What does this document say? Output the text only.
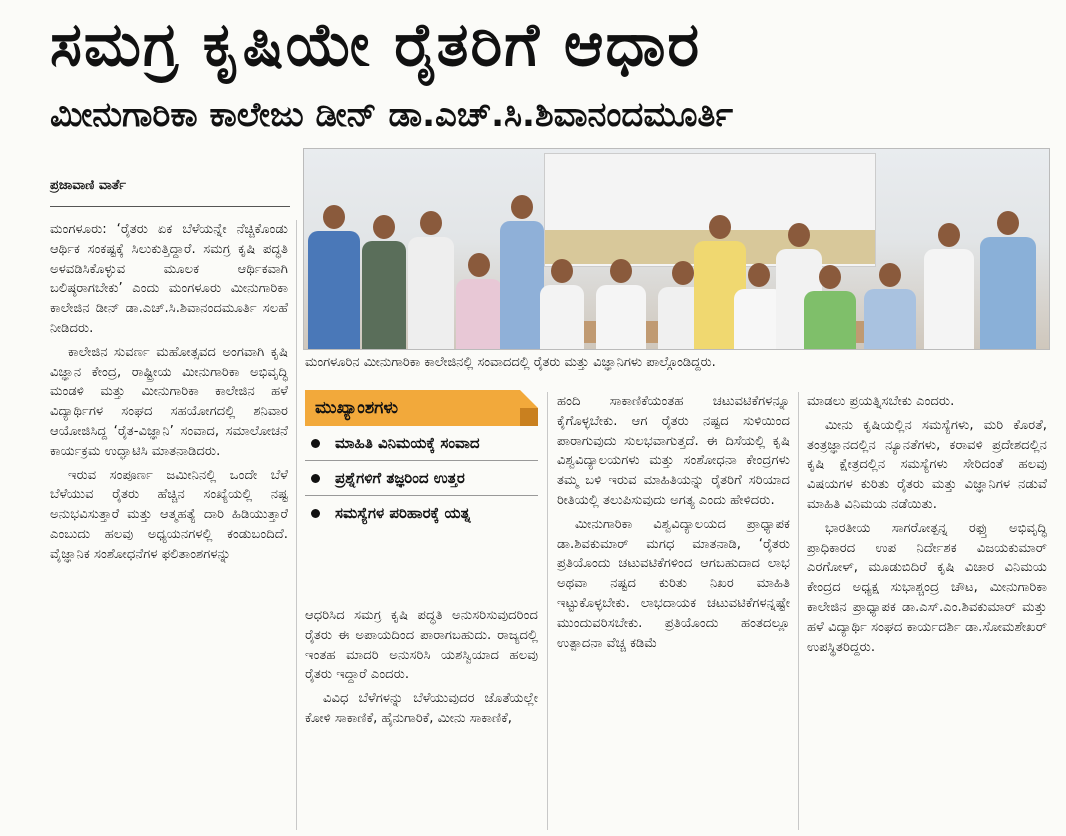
ಸಮಗ್ರ ಕೃಷಿಯೇ ರೈತರಿಗೆ ಆಧಾರ
ಮೀನುಗಾರಿಕಾ ಕಾಲೇಜು ಡೀನ್ ಡಾ.ಎಚ್.ಸಿ.ಶಿವಾನಂದಮೂರ್ತಿ
ಪ್ರಜಾವಾಣಿ ವಾರ್ತೆ

ಮಂಗಳೂರು: ‘ರೈತರು ಏಕ ಬೆಳೆಯನ್ನೇ ನೆಚ್ಚಿಕೊಂಡು ಆರ್ಥಿಕ ಸಂಕಷ್ಟಕ್ಕೆ ಸಿಲುಕುತ್ತಿದ್ದಾರೆ. ಸಮಗ್ರ ಕೃಷಿ ಪದ್ಧತಿ ಅಳವಡಿಸಿಕೊಳ್ಳುವ ಮೂಲಕ ಆರ್ಥಿಕವಾಗಿ ಬಲಿಷ್ಠರಾಗಬೇಕು’ ಎಂದು ಮಂಗಳೂರು ಮೀನುಗಾರಿಕಾ ಕಾಲೇಜಿನ ಡೀನ್ ಡಾ.ಎಚ್.ಸಿ.ಶಿವಾನಂದಮೂರ್ತಿ ಸಲಹೆ ನೀಡಿದರು.

ಕಾಲೇಜಿನ ಸುವರ್ಣ ಮಹೋತ್ಸವದ ಅಂಗವಾಗಿ ಕೃಷಿ ವಿಜ್ಞಾನ ಕೇಂದ್ರ, ರಾಷ್ಟ್ರೀಯ ಮೀನುಗಾರಿಕಾ ಅಭಿವೃದ್ಧಿ ಮಂಡಳಿ ಮತ್ತು ಮೀನುಗಾರಿಕಾ ಕಾಲೇಜಿನ ಹಳೆ ವಿದ್ಯಾರ್ಥಿಗಳ ಸಂಘದ ಸಹಯೋಗದಲ್ಲಿ ಶನಿವಾರ ಆಯೋಜಿಸಿದ್ದ ‘ರೈತ-ವಿಜ್ಞಾನಿ’ ಸಂವಾದ, ಸಮಾಲೋಚನೆ ಕಾರ್ಯಕ್ರಮ ಉದ್ಘಾಟಿಸಿ ಮಾತನಾಡಿದರು.

ಇರುವ ಸಂಪೂರ್ಣ ಜಮೀನಿನಲ್ಲಿ ಒಂದೇ ಬೆಳೆ ಬೆಳೆಯುವ ರೈತರು ಹೆಚ್ಚಿನ ಸಂಖ್ಯೆಯಲ್ಲಿ ನಷ್ಟ ಅನುಭವಿಸುತ್ತಾರೆ ಮತ್ತು ಆತ್ಮಹತ್ಯೆ ದಾರಿ ಹಿಡಿಯುತ್ತಾರೆ ಎಂಬುದು ಹಲವು ಅಧ್ಯಯನಗಳಲ್ಲಿ ಕಂಡುಬಂದಿದೆ. ವೈಜ್ಞಾನಿಕ ಸಂಶೋಧನೆಗಳ ಫಲಿತಾಂಶಗಳನ್ನು

ಮಂಗಳೂರಿನ ಮೀನುಗಾರಿಕಾ ಕಾಲೇಜಿನಲ್ಲಿ ಸಂವಾದದಲ್ಲಿ ರೈತರು ಮತ್ತು ವಿಜ್ಞಾನಿಗಳು ಪಾಲ್ಗೊಂಡಿದ್ದರು.
ಮುಖ್ಯಾಂಶಗಳು
ಮಾಹಿತಿ ವಿನಿಮಯಕ್ಕೆ ಸಂವಾದ
ಪ್ರಶ್ನೆಗಳಿಗೆ ತಜ್ಞರಿಂದ ಉತ್ತರ
ಸಮಸ್ಯೆಗಳ ಪರಿಹಾರಕ್ಕೆ ಯತ್ನ

ಆಧರಿಸಿದ ಸಮಗ್ರ ಕೃಷಿ ಪದ್ಧತಿ ಅನುಸರಿಸುವುದರಿಂದ ರೈತರು ಈ ಅಪಾಯದಿಂದ ಪಾರಾಗಬಹುದು. ರಾಜ್ಯದಲ್ಲಿ ಇಂತಹ ಮಾದರಿ ಅನುಸರಿಸಿ ಯಶಸ್ವಿಯಾದ ಹಲವು ರೈತರು ಇದ್ದಾರೆ ಎಂದರು.

ವಿವಿಧ ಬೆಳೆಗಳನ್ನು ಬೆಳೆಯುವುದರ ಜೊತೆಯಲ್ಲೇ ಕೋಳಿ ಸಾಕಾಣಿಕೆ, ಹೈನುಗಾರಿಕೆ, ಮೀನು ಸಾಕಾಣಿಕೆ,

ಹಂದಿ ಸಾಕಾಣಿಕೆಯಂತಹ ಚಟುವಟಿಕೆಗಳನ್ನೂ ಕೈಗೊಳ್ಳಬೇಕು. ಆಗ ರೈತರು ನಷ್ಟದ ಸುಳಿಯಿಂದ ಪಾರಾಗುವುದು ಸುಲಭವಾಗುತ್ತದೆ. ಈ ದಿಸೆಯಲ್ಲಿ ಕೃಷಿ ವಿಶ್ವವಿದ್ಯಾಲಯಗಳು ಮತ್ತು ಸಂಶೋಧನಾ ಕೇಂದ್ರಗಳು ತಮ್ಮ ಬಳಿ ಇರುವ ಮಾಹಿತಿಯನ್ನು ರೈತರಿಗೆ ಸರಿಯಾದ ರೀತಿಯಲ್ಲಿ ತಲುಪಿಸುವುದು ಅಗತ್ಯ ಎಂದು ಹೇಳಿದರು.

ಮೀನುಗಾರಿಕಾ ವಿಶ್ವವಿದ್ಯಾಲಯದ ಪ್ರಾಧ್ಯಾಪಕ ಡಾ.ಶಿವಕುಮಾರ್ ಮಗಧ ಮಾತನಾಡಿ, ‘ರೈತರು ಪ್ರತಿಯೊಂದು ಚಟುವಟಿಕೆಗಳಿಂದ ಆಗಬಹುದಾದ ಲಾಭ ಅಥವಾ ನಷ್ಟದ ಕುರಿತು ನಿಖರ ಮಾಹಿತಿ ಇಟ್ಟುಕೊಳ್ಳಬೇಕು. ಲಾಭದಾಯಕ ಚಟುವಟಿಕೆಗಳನ್ನಷ್ಟೇ ಮುಂದುವರಿಸಬೇಕು. ಪ್ರತಿಯೊಂದು ಹಂತದಲ್ಲೂ ಉತ್ಪಾದನಾ ವೆಚ್ಚ ಕಡಿಮೆ

ಮಾಡಲು ಪ್ರಯತ್ನಿಸಬೇಕು ಎಂದರು.

ಮೀನು ಕೃಷಿಯಲ್ಲಿನ ಸಮಸ್ಯೆಗಳು, ಮರಿ ಕೊರತೆ, ತಂತ್ರಜ್ಞಾನದಲ್ಲಿನ ನ್ಯೂನತೆಗಳು, ಕರಾವಳಿ ಪ್ರದೇಶದಲ್ಲಿನ ಕೃಷಿ ಕ್ಷೇತ್ರದಲ್ಲಿನ ಸಮಸ್ಯೆಗಳು ಸೇರಿದಂತೆ ಹಲವು ವಿಷಯಗಳ ಕುರಿತು ರೈತರು ಮತ್ತು ವಿಜ್ಞಾನಿಗಳ ನಡುವೆ ಮಾಹಿತಿ ವಿನಿಮಯ ನಡೆಯಿತು.

ಭಾರತೀಯ ಸಾಗರೋತ್ಪನ್ನ ರಫ್ತು ಅಭಿವೃದ್ಧಿ ಪ್ರಾಧಿಕಾರದ ಉಪ ನಿರ್ದೇಶಕ ವಿಜಯಕುಮಾರ್ ಎರಗೋಳ್, ಮೂಡುಬಿದಿರೆ ಕೃಷಿ ವಿಚಾರ ವಿನಿಮಯ ಕೇಂದ್ರದ ಅಧ್ಯಕ್ಷ ಸುಭಾಶ್ಚಂದ್ರ ಚೌಟ, ಮೀನುಗಾರಿಕಾ ಕಾಲೇಜಿನ ಪ್ರಾಧ್ಯಾಪಕ ಡಾ.ಎಸ್.ಎಂ.ಶಿವಕುಮಾರ್ ಮತ್ತು ಹಳೆ ವಿದ್ಯಾರ್ಥಿ ಸಂಘದ ಕಾರ್ಯದರ್ಶಿ ಡಾ.ಸೋಮಶೇಖರ್ ಉಪಸ್ಥಿತರಿದ್ದರು.
